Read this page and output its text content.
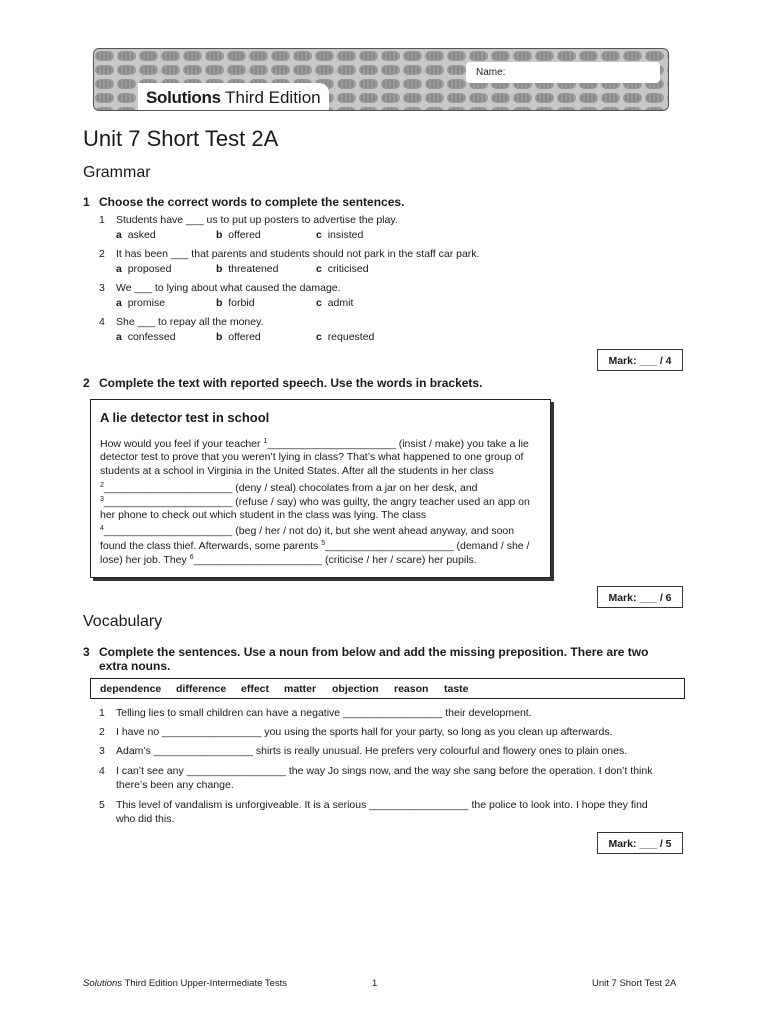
Name:
Solutions Third Edition
Unit 7 Short Test 2A
Grammar
1 Choose the correct words to complete the sentences.
1 Students have ___ us to put up posters to advertise the play.
a asked	b offered	c insisted
2 It has been ___ that parents and students should not park in the staff car park.
a proposed	b threatened	c criticised
3 We ___ to lying about what caused the damage.
a promise	b forbid	c admit
4 She ___ to repay all the money.
a confessed	b offered	c requested
Mark: ___ / 4
2 Complete the text with reported speech. Use the words in brackets.
A lie detector test in school
How would you feel if your teacher $^1$______________________ (insist / make) you take a lie
detector test to prove that you weren’t lying in class? That’s what happened to one group of
students at a school in Virginia in the United States. After all the students in her class
$^2$______________________ (deny / steal) chocolates from a jar on her desk, and
$^3$______________________ (refuse / say) who was guilty, the angry teacher used an app on
her phone to check out which student in the class was lying. The class
$^4$______________________ (beg / her / not do) it, but she went ahead anyway, and soon
found the class thief. Afterwards, some parents $^5$______________________ (demand / she /
lose) her job. They $^6$______________________ (criticise / her / scare) her pupils.
Mark: ___ / 6
Vocabulary
3 Complete the sentences. Use a noun from below and add the missing preposition. There are two extra nouns.
dependence difference effect matter objection reason taste
1 Telling lies to small children can have a negative _________________ their development.
2 I have no _________________ you using the sports hall for your party, so long as you clean up afterwards.
3 Adam’s _________________ shirts is really unusual. He prefers very colourful and flowery ones to plain ones.
4 I can’t see any _________________ the way Jo sings now, and the way she sang before the operation. I don’t think
there’s been any change.
5 This level of vandalism is unforgiveable. It is a serious _________________ the police to look into. I hope they find
who did this.
Mark: ___ / 5
Solutions Third Edition Upper-Intermediate Tests	1	Unit 7 Short Test 2A
